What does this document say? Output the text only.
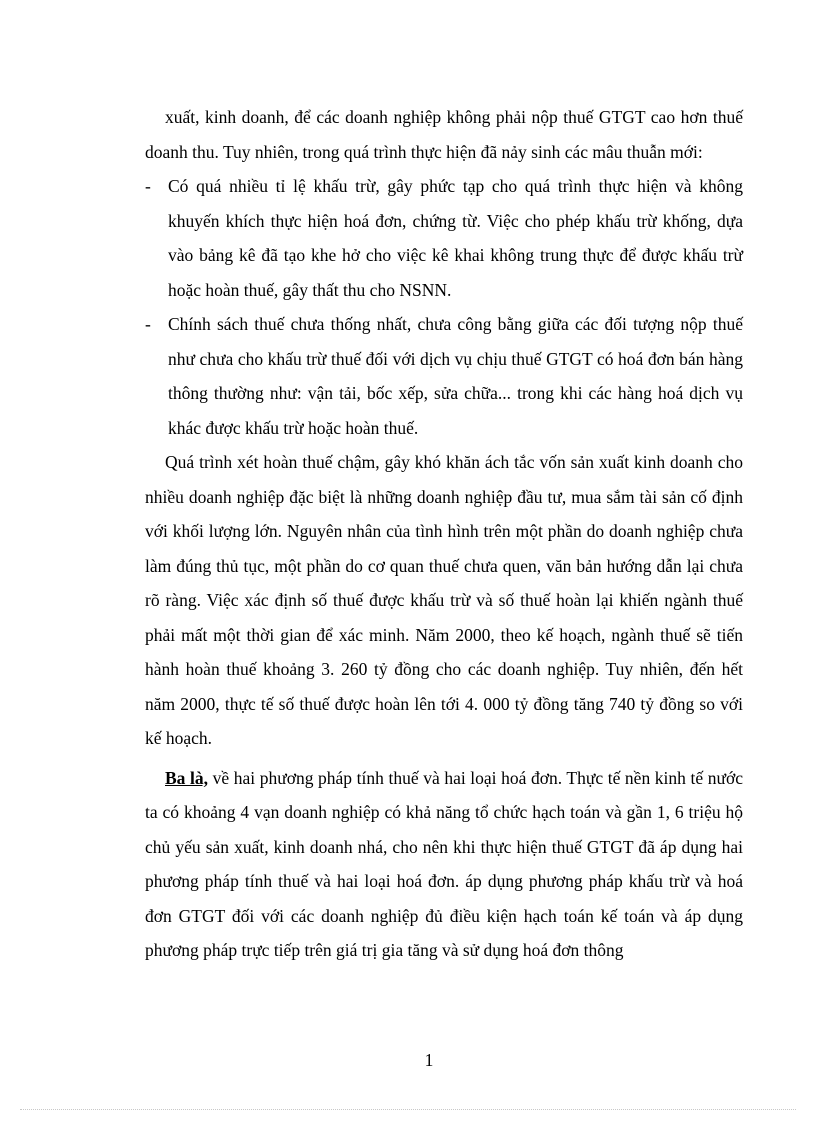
xuất, kinh doanh, để các doanh nghiệp không phải nộp thuế GTGT cao hơn thuế doanh thu. Tuy nhiên, trong quá trình thực hiện đã nảy sinh các mâu thuẫn mới:

- Có quá nhiều tỉ lệ khấu trừ, gây phức tạp cho quá trình thực hiện và không khuyến khích thực hiện hoá đơn, chứng từ. Việc cho phép khấu trừ khống, dựa vào bảng kê đã tạo khe hở cho việc kê khai không trung thực để được khấu trừ hoặc hoàn thuế, gây thất thu cho NSNN.
- Chính sách thuế chưa thống nhất, chưa công bằng giữa các đối tượng nộp thuế như chưa cho khấu trừ thuế đối với dịch vụ chịu thuế GTGT có hoá đơn bán hàng thông thường như: vận tải, bốc xếp, sửa chữa... trong khi các hàng hoá dịch vụ khác được khấu trừ hoặc hoàn thuế.

Quá trình xét hoàn thuế chậm, gây khó khăn ách tắc vốn sản xuất kinh doanh cho nhiều doanh nghiệp đặc biệt là những doanh nghiệp đầu tư, mua sắm tài sản cố định với khối lượng lớn. Nguyên nhân của tình hình trên một phần do doanh nghiệp chưa làm đúng thủ tục, một phần do cơ quan thuế chưa quen, văn bản hướng dẫn lại chưa rõ ràng. Việc xác định số thuế được khấu trừ và số thuế hoàn lại khiến ngành thuế phải mất một thời gian để xác minh. Năm 2000, theo kế hoạch, ngành thuế sẽ tiến hành hoàn thuế khoảng 3. 260 tỷ đồng cho các doanh nghiệp. Tuy nhiên, đến hết năm 2000, thực tế số thuế được hoàn lên tới 4. 000 tỷ đồng tăng 740 tỷ đồng so với kế hoạch.

Ba là, về hai phương pháp tính thuế và hai loại hoá đơn. Thực tế nền kinh tế nước ta có khoảng 4 vạn doanh nghiệp có khả năng tổ chức hạch toán và gần 1, 6 triệu hộ chủ yếu sản xuất, kinh doanh nhá, cho nên khi thực hiện thuế GTGT đã áp dụng hai phương pháp tính thuế và hai loại hoá đơn. áp dụng phương pháp khấu trừ và hoá đơn GTGT đối với các doanh nghiệp đủ điều kiện hạch toán kế toán và áp dụng phương pháp trực tiếp trên giá trị gia tăng và sử dụng hoá đơn thông

1
